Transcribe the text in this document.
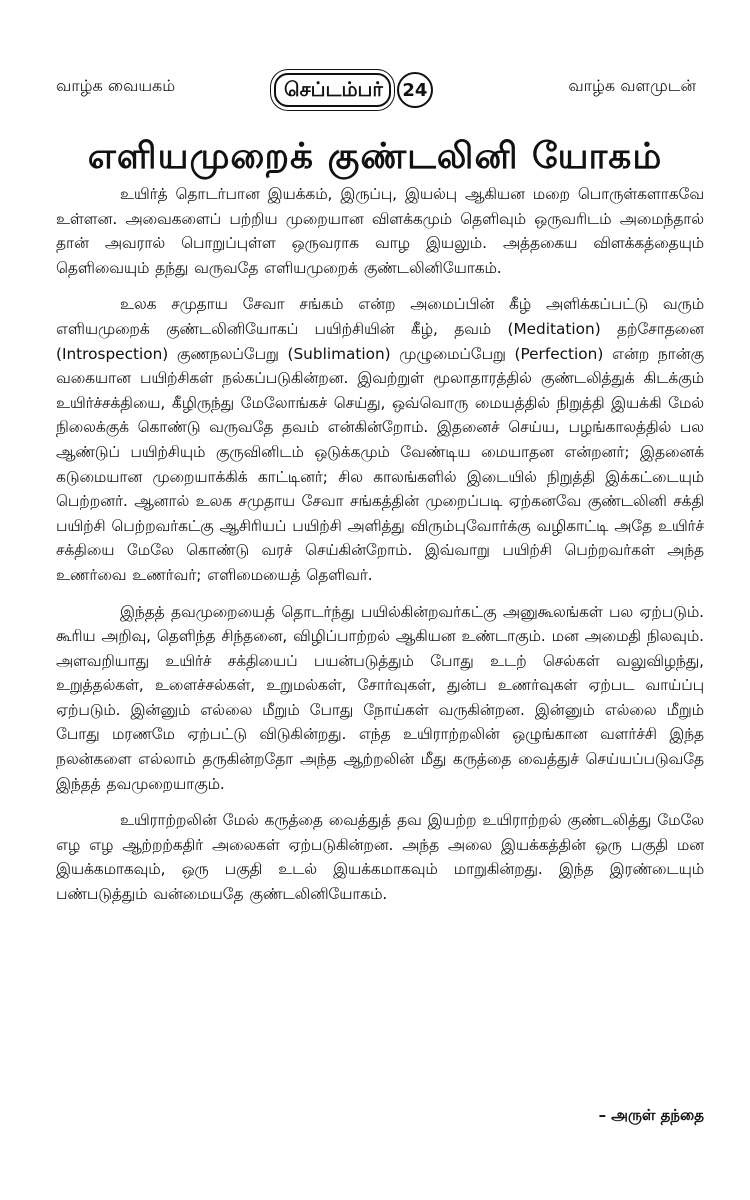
வாழ்க வையகம்	செப்டம்பர்	24	வாழ்க வளமுடன்
எளியமுறைக் குண்டலினி யோகம்

உயிர்த் தொடர்பான இயக்கம், இருப்பு, இயல்பு ஆகியன மறை பொருள்களாகவே உள்ளன. அவைகளைப் பற்றிய முறையான விளக்கமும் தெளிவும் ஒருவரிடம் அமைந்தால் தான் அவரால் பொறுப்புள்ள ஒருவராக வாழ இயலும். அத்தகைய விளக்கத்தையும் தெளிவையும் தந்து வருவதே எளியமுறைக் குண்டலினியோகம்.

உலக சமுதாய சேவா சங்கம் என்ற அமைப்பின் கீழ் அளிக்கப்பட்டு வரும் எளியமுறைக் குண்டலினியோகப் பயிற்சியின் கீழ், தவம் (Meditation) தற்சோதனை (Introspection) குணநலப்பேறு (Sublimation) முழுமைப்பேறு (Perfection) என்ற நான்கு வகையான பயிற்சிகள் நல்கப்படுகின்றன. இவற்றுள் மூலாதாரத்தில் குண்டலித்துக் கிடக்கும் உயிர்ச்சக்தியை, கீழிருந்து மேலோங்கச் செய்து, ஒவ்வொரு மையத்தில் நிறுத்தி இயக்கி மேல் நிலைக்குக் கொண்டு வருவதே தவம் என்கின்றோம். இதனைச் செய்ய, பழங்காலத்தில் பல ஆண்டுப் பயிற்சியும் குருவினிடம் ஒடுக்கமும் வேண்டிய மையாதன என்றனர்; இதனைக் கடுமையான முறையாக்கிக் காட்டினர்; சில காலங்களில் இடையில் நிறுத்தி இக்கட்டையும் பெற்றனர். ஆனால் உலக சமுதாய சேவா சங்கத்தின் முறைப்படி ஏற்கனவே குண்டலினி சக்தி பயிற்சி பெற்றவர்கட்கு ஆசிரியப் பயிற்சி அளித்து விரும்புவோர்க்கு வழிகாட்டி அதே உயிர்ச் சக்தியை மேலே கொண்டு வரச் செய்கின்றோம். இவ்வாறு பயிற்சி பெற்றவர்கள் அந்த உணர்வை உணர்வர்; எளிமையைத் தெளிவர்.

இந்தத் தவமுறையைத் தொடர்ந்து பயில்கின்றவர்கட்கு அனுகூலங்கள் பல ஏற்படும். கூரிய அறிவு, தெளிந்த சிந்தனை, விழிப்பாற்றல் ஆகியன உண்டாகும். மன அமைதி நிலவும். அளவறியாது உயிர்ச் சக்தியைப் பயன்படுத்தும் போது உடற் செல்கள் வலுவிழந்து, உறுத்தல்கள், உளைச்சல்கள், உறுமல்கள், சோர்வுகள், துன்ப உணர்வுகள் ஏற்பட வாய்ப்பு ஏற்படும். இன்னும் எல்லை மீறும் போது நோய்கள் வருகின்றன. இன்னும் எல்லை மீறும் போது மரணமே ஏற்பட்டு விடுகின்றது. எந்த உயிராற்றலின் ஒழுங்கான வளர்ச்சி இந்த நலன்களை எல்லாம் தருகின்றதோ அந்த ஆற்றலின் மீது கருத்தை வைத்துச் செய்யப்படுவதே இந்தத் தவமுறையாகும்.

உயிராற்றலின் மேல் கருத்தை வைத்துத் தவ இயற்ற உயிராற்றல் குண்டலித்து மேலே எழ எழ ஆற்றற்கதிர் அலைகள் ஏற்படுகின்றன. அந்த அலை இயக்கத்தின் ஒரு பகுதி மன இயக்கமாகவும், ஒரு பகுதி உடல் இயக்கமாகவும் மாறுகின்றது. இந்த இரண்டையும் பண்படுத்தும் வன்மையதே குண்டலினியோகம்.

– அருள் தந்தை
